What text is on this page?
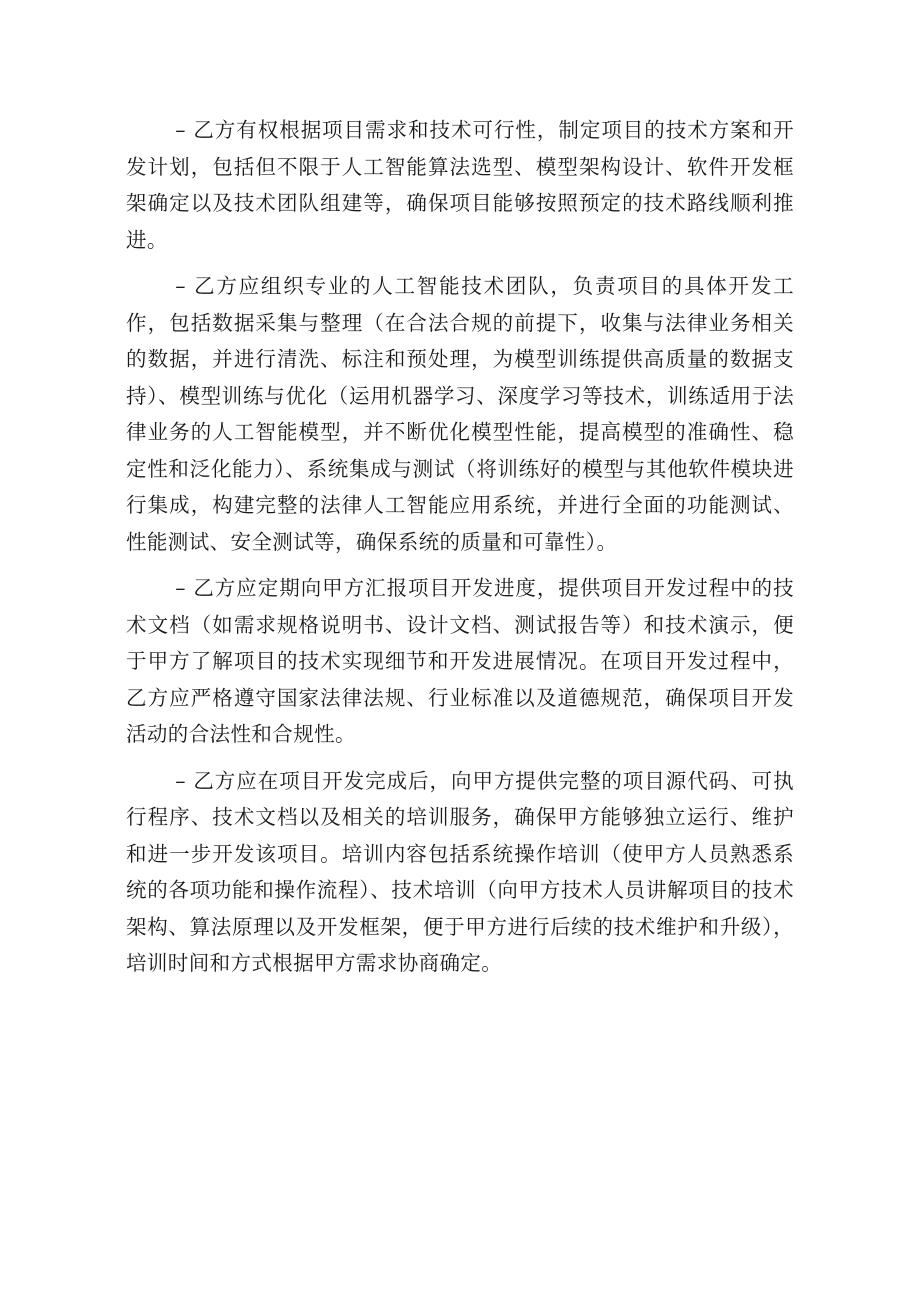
– 乙方有权根据项目需求和技术可行性，制定项目的技术方案和开发计划，包括但不限于人工智能算法选型、模型架构设计、软件开发框架确定以及技术团队组建等，确保项目能够按照预定的技术路线顺利推进。

– 乙方应组织专业的人工智能技术团队，负责项目的具体开发工作，包括数据采集与整理（在合法合规的前提下，收集与法律业务相关的数据，并进行清洗、标注和预处理，为模型训练提供高质量的数据支持）、模型训练与优化（运用机器学习、深度学习等技术，训练适用于法律业务的人工智能模型，并不断优化模型性能，提高模型的准确性、稳定性和泛化能力）、系统集成与测试（将训练好的模型与其他软件模块进行集成，构建完整的法律人工智能应用系统，并进行全面的功能测试、性能测试、安全测试等，确保系统的质量和可靠性）。

– 乙方应定期向甲方汇报项目开发进度，提供项目开发过程中的技术文档（如需求规格说明书、设计文档、测试报告等）和技术演示，便于甲方了解项目的技术实现细节和开发进展情况。在项目开发过程中，乙方应严格遵守国家法律法规、行业标准以及道德规范，确保项目开发活动的合法性和合规性。

– 乙方应在项目开发完成后，向甲方提供完整的项目源代码、可执行程序、技术文档以及相关的培训服务，确保甲方能够独立运行、维护和进一步开发该项目。培训内容包括系统操作培训（使甲方人员熟悉系统的各项功能和操作流程）、技术培训（向甲方技术人员讲解项目的技术架构、算法原理以及开发框架，便于甲方进行后续的技术维护和升级），培训时间和方式根据甲方需求协商确定。
